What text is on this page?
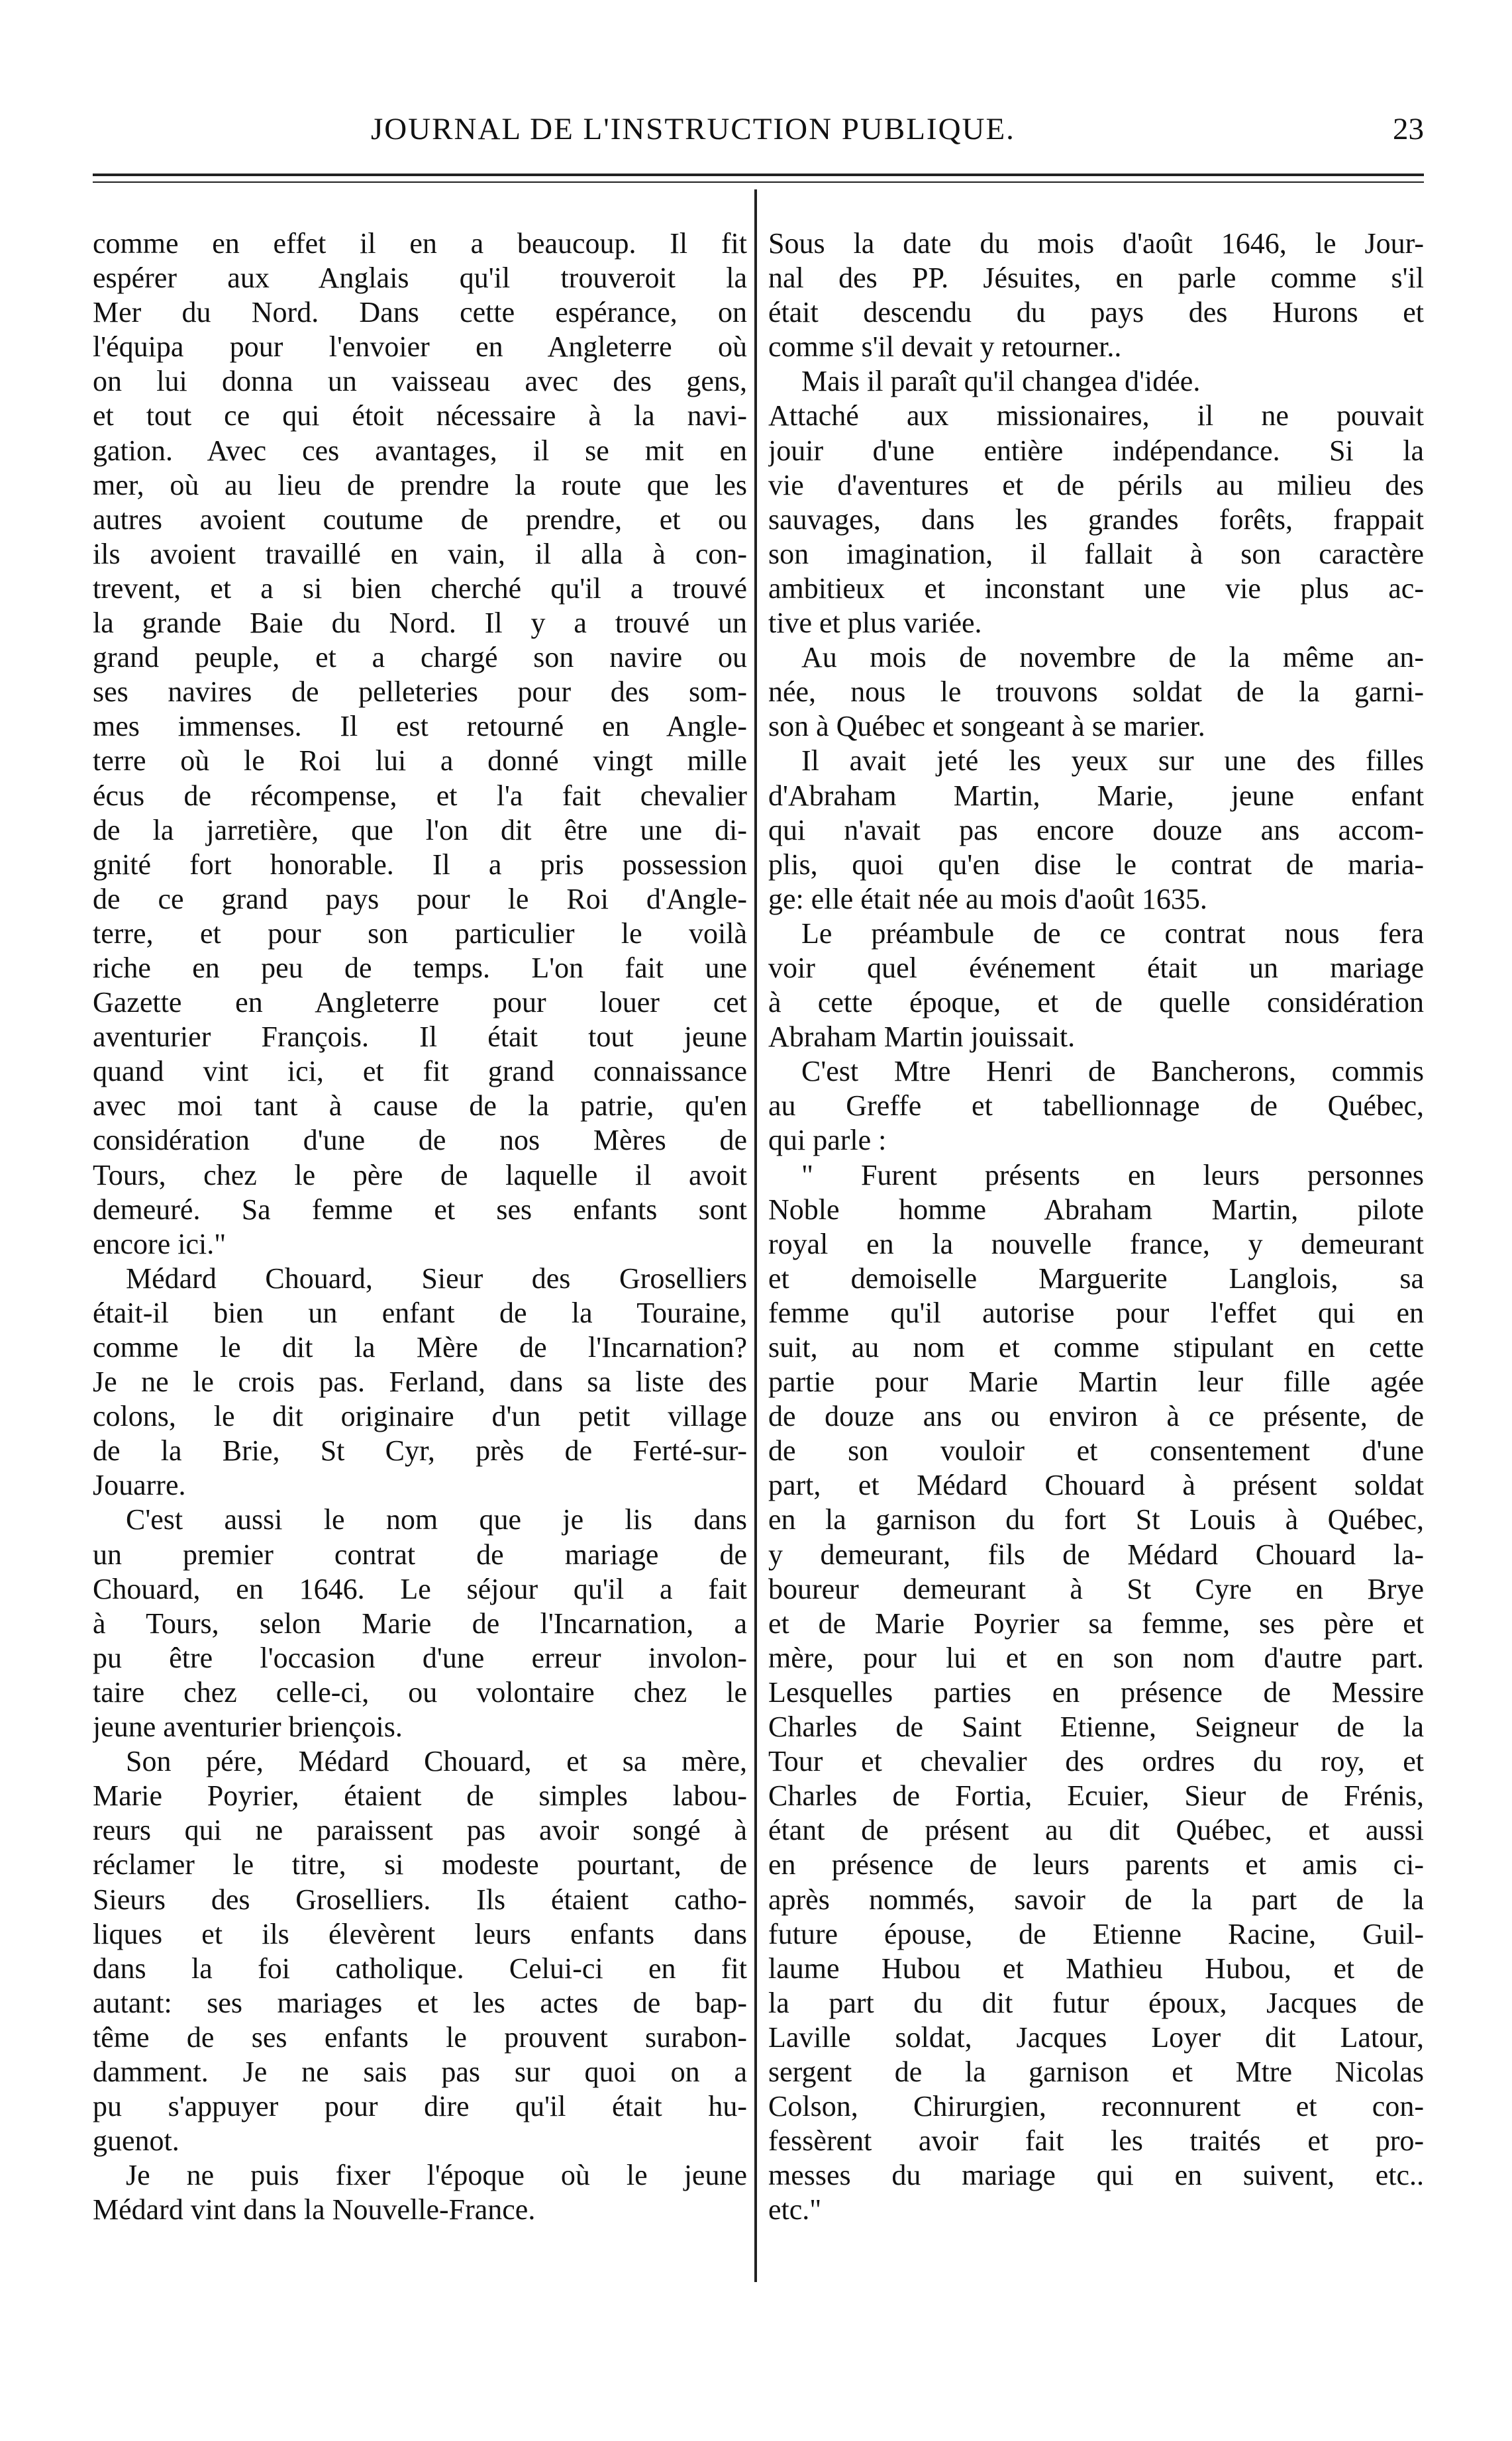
JOURNAL DE L'INSTRUCTION PUBLIQUE.	23
comme en effet il en a beaucoup. Il fit
espérer aux Anglais qu'il trouveroit la
Mer du Nord. Dans cette espérance, on
l'équipa pour l'envoier en Angleterre où
on lui donna un vaisseau avec des gens,
et tout ce qui étoit nécessaire à la navi-
gation. Avec ces avantages, il se mit en
mer, où au lieu de prendre la route que les
autres avoient coutume de prendre, et ou
ils avoient travaillé en vain, il alla à con-
trevent, et a si bien cherché qu'il a trouvé
la grande Baie du Nord. Il y a trouvé un
grand peuple, et a chargé son navire ou
ses navires de pelleteries pour des som-
mes immenses. Il est retourné en Angle-
terre où le Roi lui a donné vingt mille
écus de récompense, et l'a fait chevalier
de la jarretière, que l'on dit être une di-
gnité fort honorable. Il a pris possession
de ce grand pays pour le Roi d'Angle-
terre, et pour son particulier le voilà
riche en peu de temps. L'on fait une
Gazette en Angleterre pour louer cet
aventurier François. Il était tout jeune
quand vint ici, et fit grand connaissance
avec moi tant à cause de la patrie, qu'en
considération d'une de nos Mères de
Tours, chez le père de laquelle il avoit
demeuré. Sa femme et ses enfants sont
encore ici."
Médard Chouard, Sieur des Groselliers
était-il bien un enfant de la Touraine,
comme le dit la Mère de l'Incarnation?
Je ne le crois pas. Ferland, dans sa liste des
colons, le dit originaire d'un petit village
de la Brie, St Cyr, près de Ferté-sur-
Jouarre.
C'est aussi le nom que je lis dans
un premier contrat de mariage de
Chouard, en 1646. Le séjour qu'il a fait
à Tours, selon Marie de l'Incarnation, a
pu être l'occasion d'une erreur involon-
taire chez celle-ci, ou volontaire chez le
jeune aventurier briençois.
Son pére, Médard Chouard, et sa mère,
Marie Poyrier, étaient de simples labou-
reurs qui ne paraissent pas avoir songé à
réclamer le titre, si modeste pourtant, de
Sieurs des Groselliers. Ils étaient catho-
liques et ils élevèrent leurs enfants dans
dans la foi catholique. Celui-ci en fit
autant: ses mariages et les actes de bap-
tême de ses enfants le prouvent surabon-
damment. Je ne sais pas sur quoi on a
pu s'appuyer pour dire qu'il était hu-
guenot.
Je ne puis fixer l'époque où le jeune
Médard vint dans la Nouvelle-France.
Sous la date du mois d'août 1646, le Jour-
nal des PP. Jésuites, en parle comme s'il
était descendu du pays des Hurons et
comme s'il devait y retourner..
Mais il paraît qu'il changea d'idée.
Attaché aux missionaires, il ne pouvait
jouir d'une entière indépendance. Si la
vie d'aventures et de périls au milieu des
sauvages, dans les grandes forêts, frappait
son imagination, il fallait à son caractère
ambitieux et inconstant une vie plus ac-
tive et plus variée.
Au mois de novembre de la même an-
née, nous le trouvons soldat de la garni-
son à Québec et songeant à se marier.
Il avait jeté les yeux sur une des filles
d'Abraham Martin, Marie, jeune enfant
qui n'avait pas encore douze ans accom-
plis, quoi qu'en dise le contrat de maria-
ge: elle était née au mois d'août 1635.
Le préambule de ce contrat nous fera
voir quel événement était un mariage
à cette époque, et de quelle considération
Abraham Martin jouissait.
C'est Mtre Henri de Bancherons, commis
au Greffe et tabellionnage de Québec,
qui parle :
" Furent présents en leurs personnes
Noble homme Abraham Martin, pilote
royal en la nouvelle france, y demeurant
et demoiselle Marguerite Langlois, sa
femme qu'il autorise pour l'effet qui en
suit, au nom et comme stipulant en cette
partie pour Marie Martin leur fille agée
de douze ans ou environ à ce présente, de
de son vouloir et consentement d'une
part, et Médard Chouard à présent soldat
en la garnison du fort St Louis à Québec,
y demeurant, fils de Médard Chouard la-
boureur demeurant à St Cyre en Brye
et de Marie Poyrier sa femme, ses père et
mère, pour lui et en son nom d'autre part.
Lesquelles parties en présence de Messire
Charles de Saint Etienne, Seigneur de la
Tour et chevalier des ordres du roy, et
Charles de Fortia, Ecuier, Sieur de Frénis,
étant de présent au dit Québec, et aussi
en présence de leurs parents et amis ci-
après nommés, savoir de la part de la
future épouse, de Etienne Racine, Guil-
laume Hubou et Mathieu Hubou, et de
la part du dit futur époux, Jacques de
Laville soldat, Jacques Loyer dit Latour,
sergent de la garnison et Mtre Nicolas
Colson, Chirurgien, reconnurent et con-
fessèrent avoir fait les traités et pro-
messes du mariage qui en suivent, etc..
etc."
